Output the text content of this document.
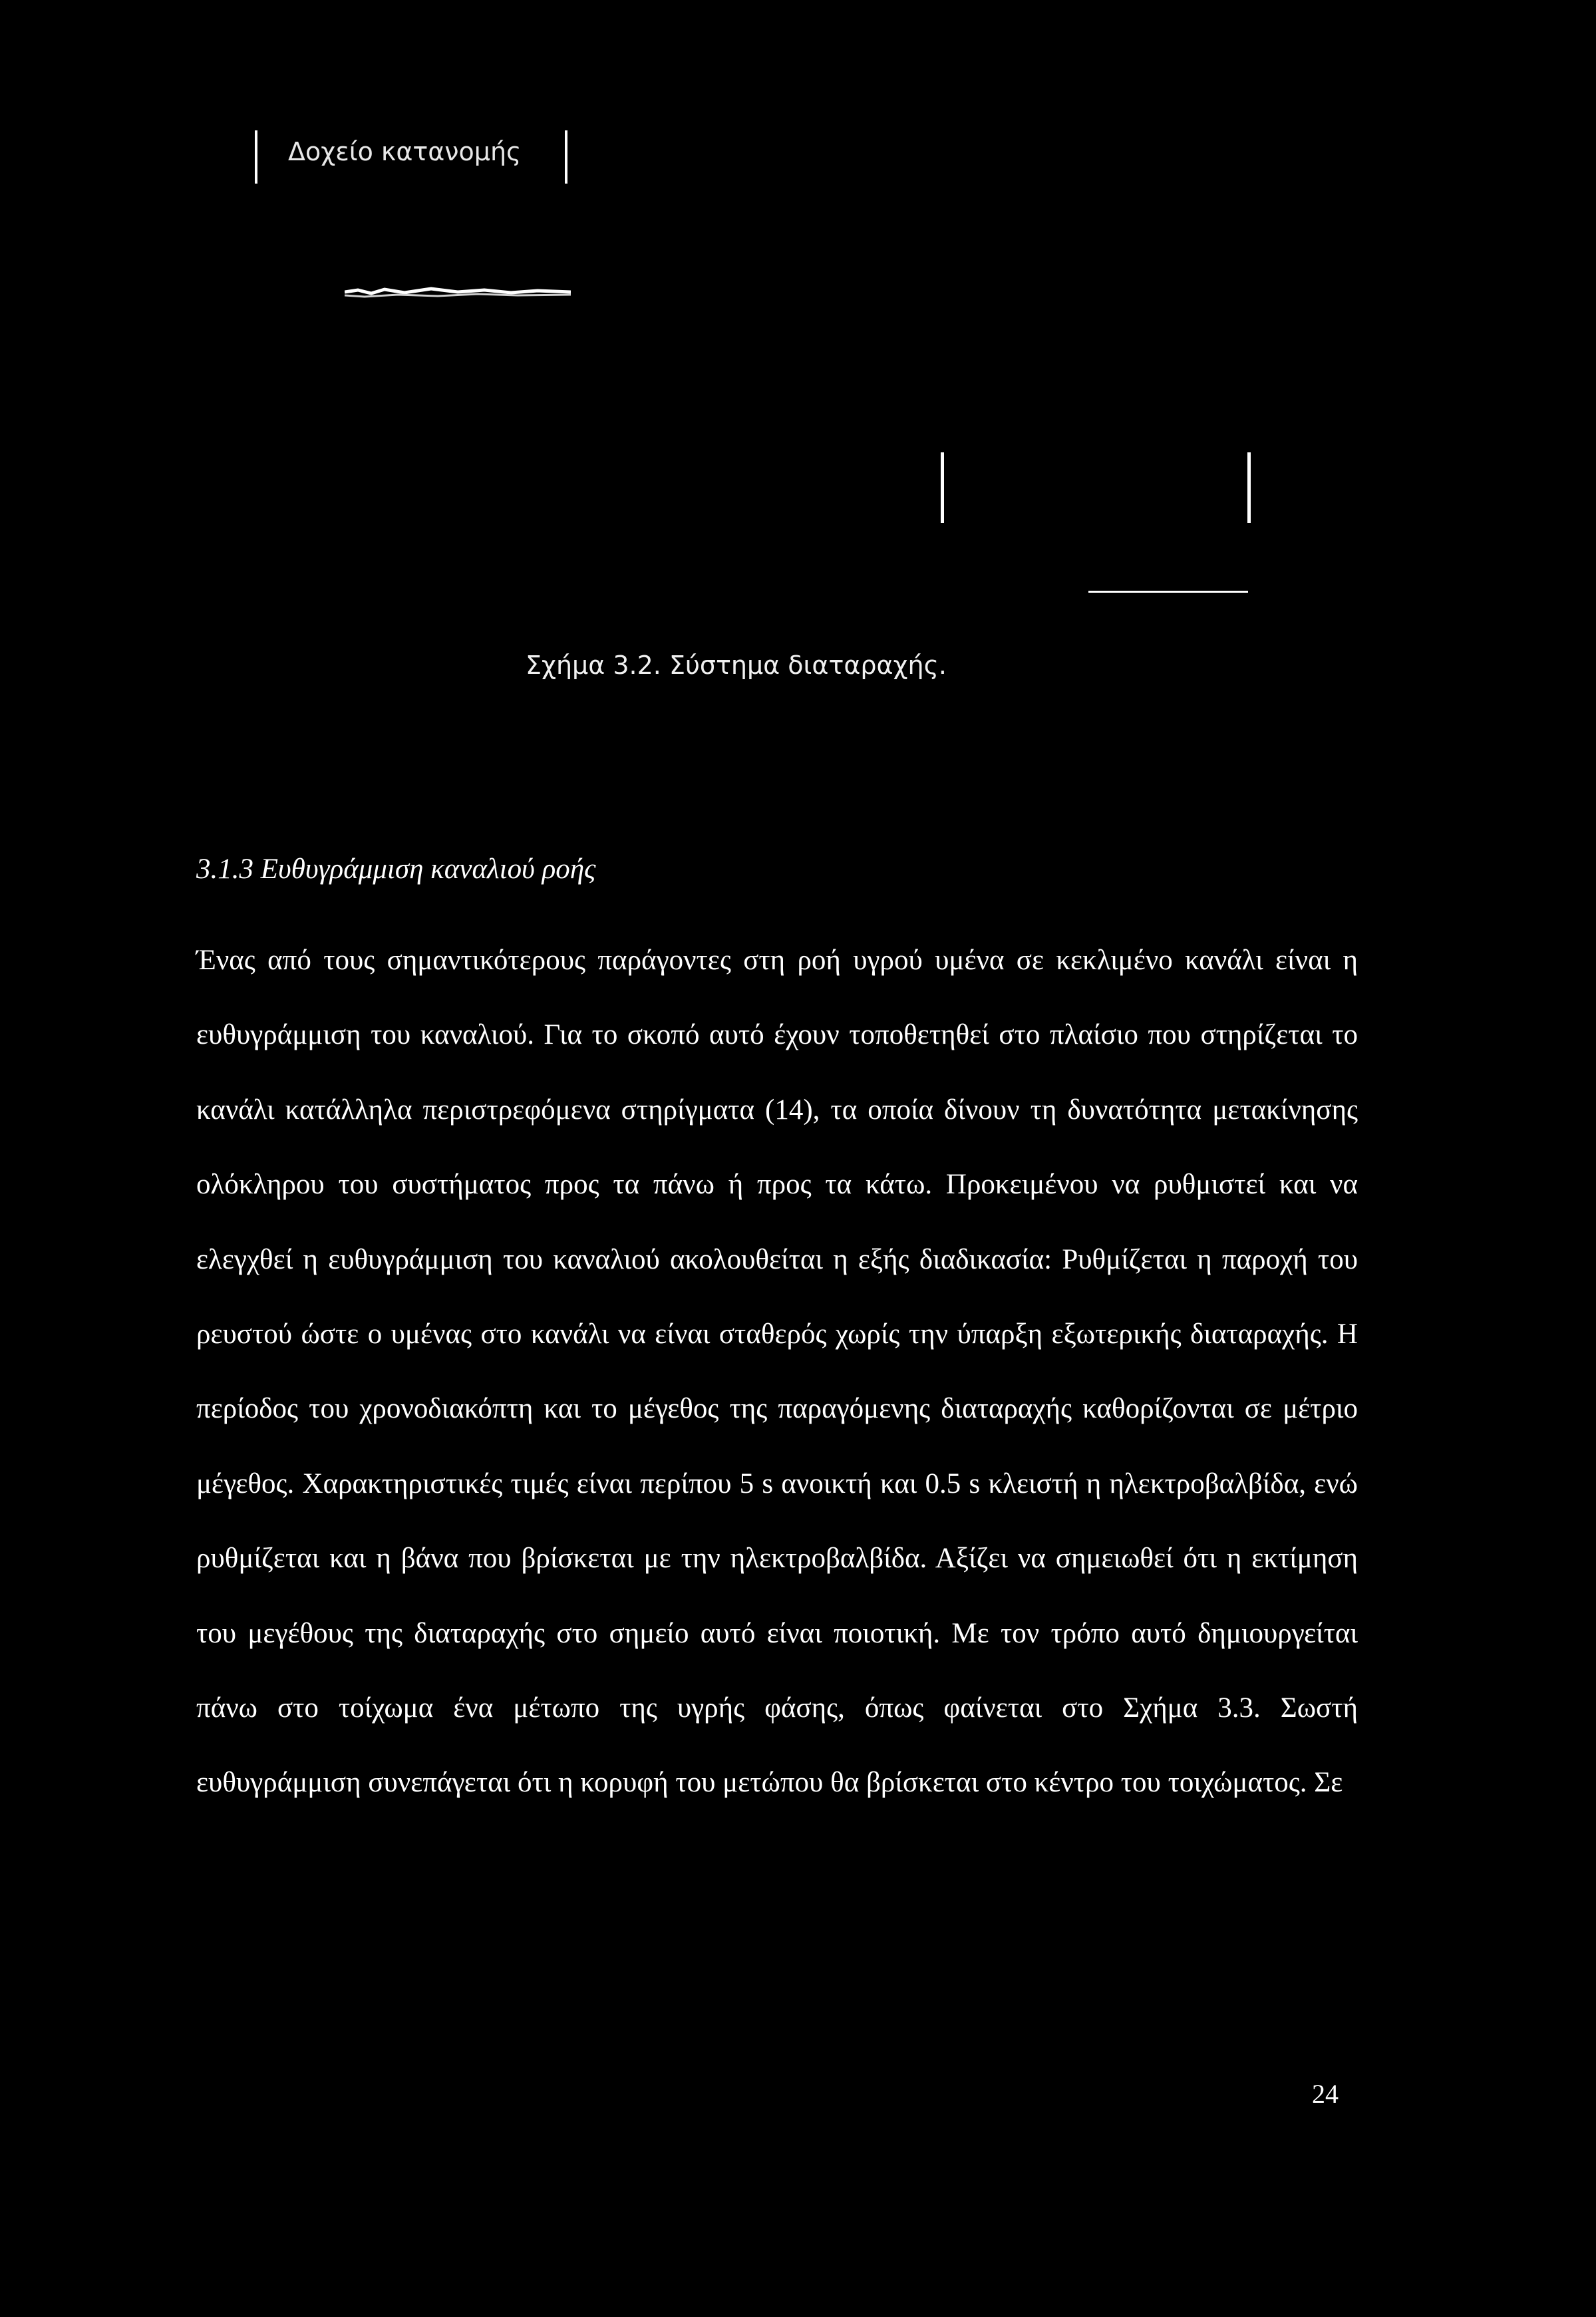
Δοχείο κατανομής
Σχήμα 3.2. Σύστημα διαταραχής.
3.1.3 Ευθυγράμμιση καναλιού ροής

Ένας από τους σημαντικότερους παράγοντες στη ροή υγρού υμένα σε κεκλιμένο κανάλι είναι η ευθυγράμμιση του καναλιού. Για το σκοπό αυτό έχουν τοποθετηθεί στο πλαίσιο που στηρίζεται το κανάλι κατάλληλα περιστρεφόμενα στηρίγματα (14), τα οποία δίνουν τη δυνατότητα μετακίνησης ολόκληρου του συστήματος προς τα πάνω ή προς τα κάτω. Προκειμένου να ρυθμιστεί και να ελεγχθεί η ευθυγράμμιση του καναλιού ακολουθείται η εξής διαδικασία: Ρυθμίζεται η παροχή του ρευστού ώστε ο υμένας στο κανάλι να είναι σταθερός χωρίς την ύπαρξη εξωτερικής διαταραχής. Η περίοδος του χρονοδιακόπτη και το μέγεθος της παραγόμενης διαταραχής καθορίζονται σε μέτριο μέγεθος. Χαρακτηριστικές τιμές είναι περίπου 5 s ανοικτή και 0.5 s κλειστή η ηλεκτροβαλβίδα, ενώ ρυθμίζεται και η βάνα που βρίσκεται με την ηλεκτροβαλβίδα. Αξίζει να σημειωθεί ότι η εκτίμηση του μεγέθους της διαταραχής στο σημείο αυτό είναι ποιοτική. Με τον τρόπο αυτό δημιουργείται πάνω στο τοίχωμα ένα μέτωπο της υγρής φάσης, όπως φαίνεται στο Σχήμα 3.3. Σωστή ευθυγράμμιση συνεπάγεται ότι η κορυφή του μετώπου θα βρίσκεται στο κέντρο του τοιχώματος. Σε

24
